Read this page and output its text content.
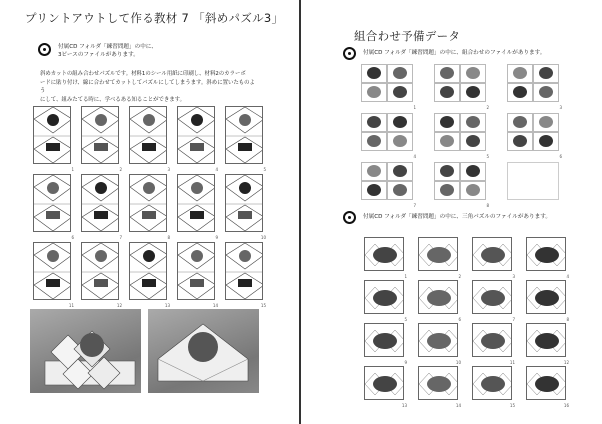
プリントアウトして作る教材 7 「斜めパズル3」
付属CD フォルダ「練習問題」の中に、
3ピースのファイルがあります。
斜めカットの組み合わせパズルです。材料1のシール用紙に印刷し、材料2のカラーボ
ードに貼り付け、線に合わせてカットしてパズルにしてしまうます。斜めに置いたものよう
にして、組みたてる時に、学べるある知ることができます。
1	2	3	4	5
6	7	8	9	10
11	12	13	14	15
組合わせ予備データ
付属CD フォルダ「練習問題」の中に、組合わせのファイルがあります。
1	2	3
4	5	6
7	8
付属CD フォルダ「練習問題」の中に、三角パズルのファイルがあります。
1	2	3	4
5	6	7	8
9	10	11	12
13	14	15	16
